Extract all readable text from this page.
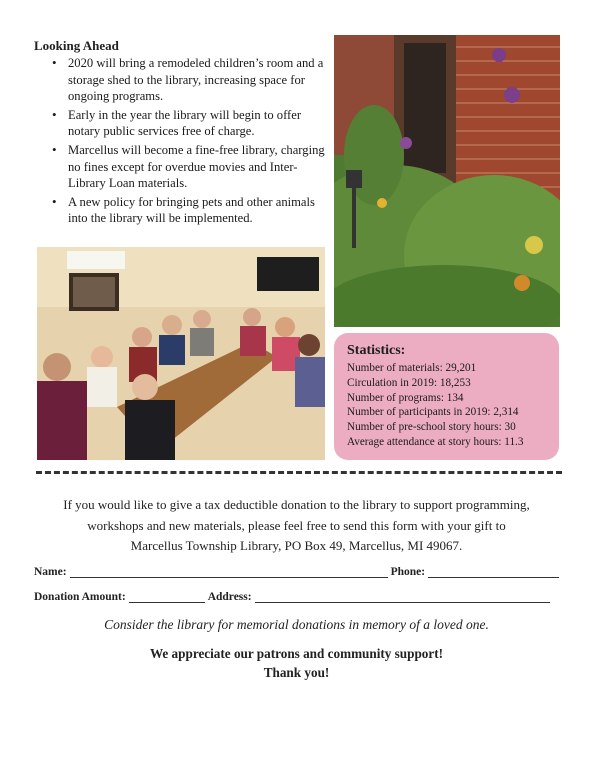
Looking Ahead
• 2020 will bring a remodeled children’s room and a storage shed to the library, increasing space for ongoing programs.
• Early in the year the library will begin to offer notary public services free of charge.
• Marcellus will become a fine-free library, charging no fines except for overdue movies and Inter-Library Loan materials.
• A new policy for bringing pets and other animals into the library will be implemented.
Statistics:
Number of materials: 29,201
Circulation in 2019: 18,253
Number of programs: 134
Number of participants in 2019: 2,314
Number of pre-school story hours: 30
Average attendance at story hours: 11.3
If you would like to give a tax deductible donation to the library to support programming,
workshops and new materials, please feel free to send this form with your gift to
Marcellus Township Library, PO Box 49, Marcellus, MI 49067.
Name:	Phone:
Donation Amount:	Address:
Consider the library for memorial donations in memory of a loved one.
We appreciate our patrons and community support!
Thank you!
